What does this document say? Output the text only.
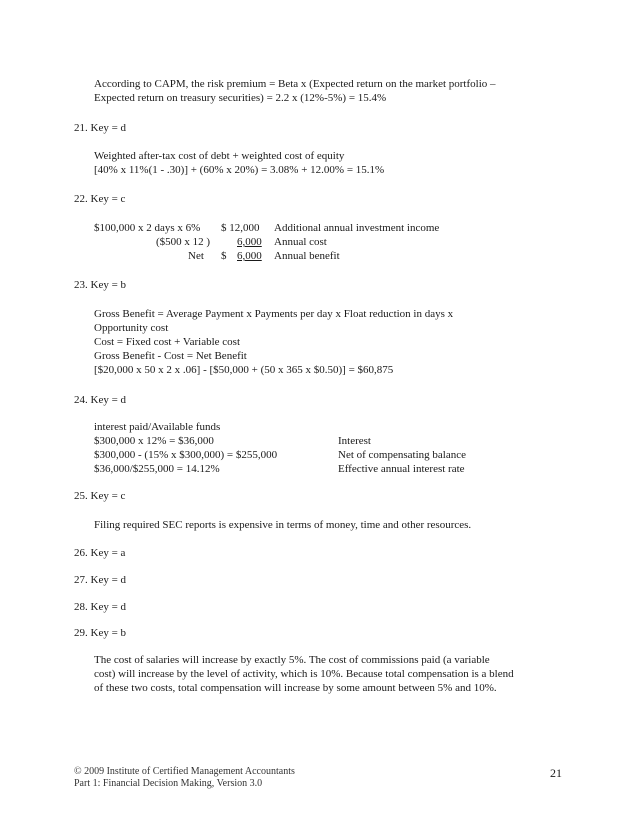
According to CAPM, the risk premium = Beta x (Expected return on the market portfolio –
Expected return on treasury securities) = 2.2 x (12%-5%) = 15.4%
21. Key = d
Weighted after-tax cost of debt + weighted cost of equity
[40% x 11%(1 - .30)] + (60% x 20%) = 3.08% + 12.00% = 15.1%
22. Key = c
$100,000 x 2 days x 6% $ 12,000 Additional annual investment income
($500 x 12 ) 6,000 Annual cost
Net $ 6,000 Annual benefit
23. Key = b
Gross Benefit = Average Payment x Payments per day x Float reduction in days x
Opportunity cost
Cost = Fixed cost + Variable cost
Gross Benefit - Cost = Net Benefit
[$20,000 x 50 x 2 x .06] - [$50,000 + (50 x 365 x $0.50)] = $60,875
24. Key = d
interest paid/Available funds
$300,000 x 12% = $36,000	Interest
$300,000 - (15% x $300,000) = $255,000	Net of compensating balance
$36,000/$255,000 = 14.12%	Effective annual interest rate
25. Key = c
Filing required SEC reports is expensive in terms of money, time and other resources.
26. Key = a
27. Key = d
28. Key = d
29. Key = b
The cost of salaries will increase by exactly 5%. The cost of commissions paid (a variable
cost) will increase by the level of activity, which is 10%. Because total compensation is a blend
of these two costs, total compensation will increase by some amount between 5% and 10%.
© 2009 Institute of Certified Management Accountants
Part 1: Financial Decision Making, Version 3.0
21
